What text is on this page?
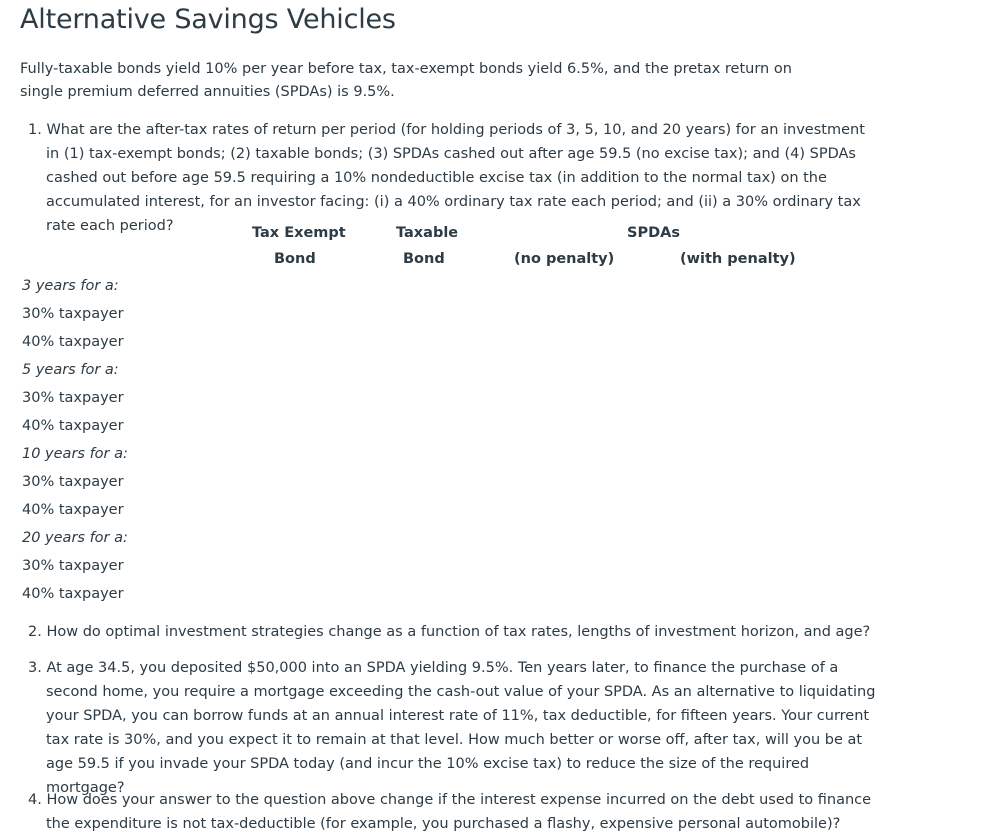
Alternative Savings Vehicles

Fully-taxable bonds yield 10% per year before tax, tax-exempt bonds yield 6.5%, and the pretax return on single premium deferred annuities (SPDAs) is 9.5%.

1. What are the after-tax rates of return per period (for holding periods of 3, 5, 10, and 20 years) for an investment in (1) tax-exempt bonds; (2) taxable bonds; (3) SPDAs cashed out after age 59.5 (no excise tax); and (4) SPDAs cashed out before age 59.5 requiring a 10% nondeductible excise tax (in addition to the normal tax) on the accumulated interest, for an investor facing: (i) a 40% ordinary tax rate each period; and (ii) a 30% ordinary tax rate each period?	Tax Exempt	Taxable	SPDAs
Bond	Bond	(no penalty)	(with penalty)
3 years for a:
30% taxpayer
40% taxpayer
5 years for a:
30% taxpayer
40% taxpayer
10 years for a:
30% taxpayer
40% taxpayer
20 years for a:
30% taxpayer
40% taxpayer

2. How do optimal investment strategies change as a function of tax rates, lengths of investment horizon, and age?

3. At age 34.5, you deposited $50,000 into an SPDA yielding 9.5%. Ten years later, to finance the purchase of a second home, you require a mortgage exceeding the cash-out value of your SPDA. As an alternative to liquidating your SPDA, you can borrow funds at an annual interest rate of 11%, tax deductible, for fifteen years. Your current tax rate is 30%, and you expect it to remain at that level. How much better or worse off, after tax, will you be at age 59.5 if you invade your SPDA today (and incur the 10% excise tax) to reduce the size of the required mortgage?

4. How does your answer to the question above change if the interest expense incurred on the debt used to finance the expenditure is not tax-deductible (for example, you purchased a flashy, expensive personal automobile)?
